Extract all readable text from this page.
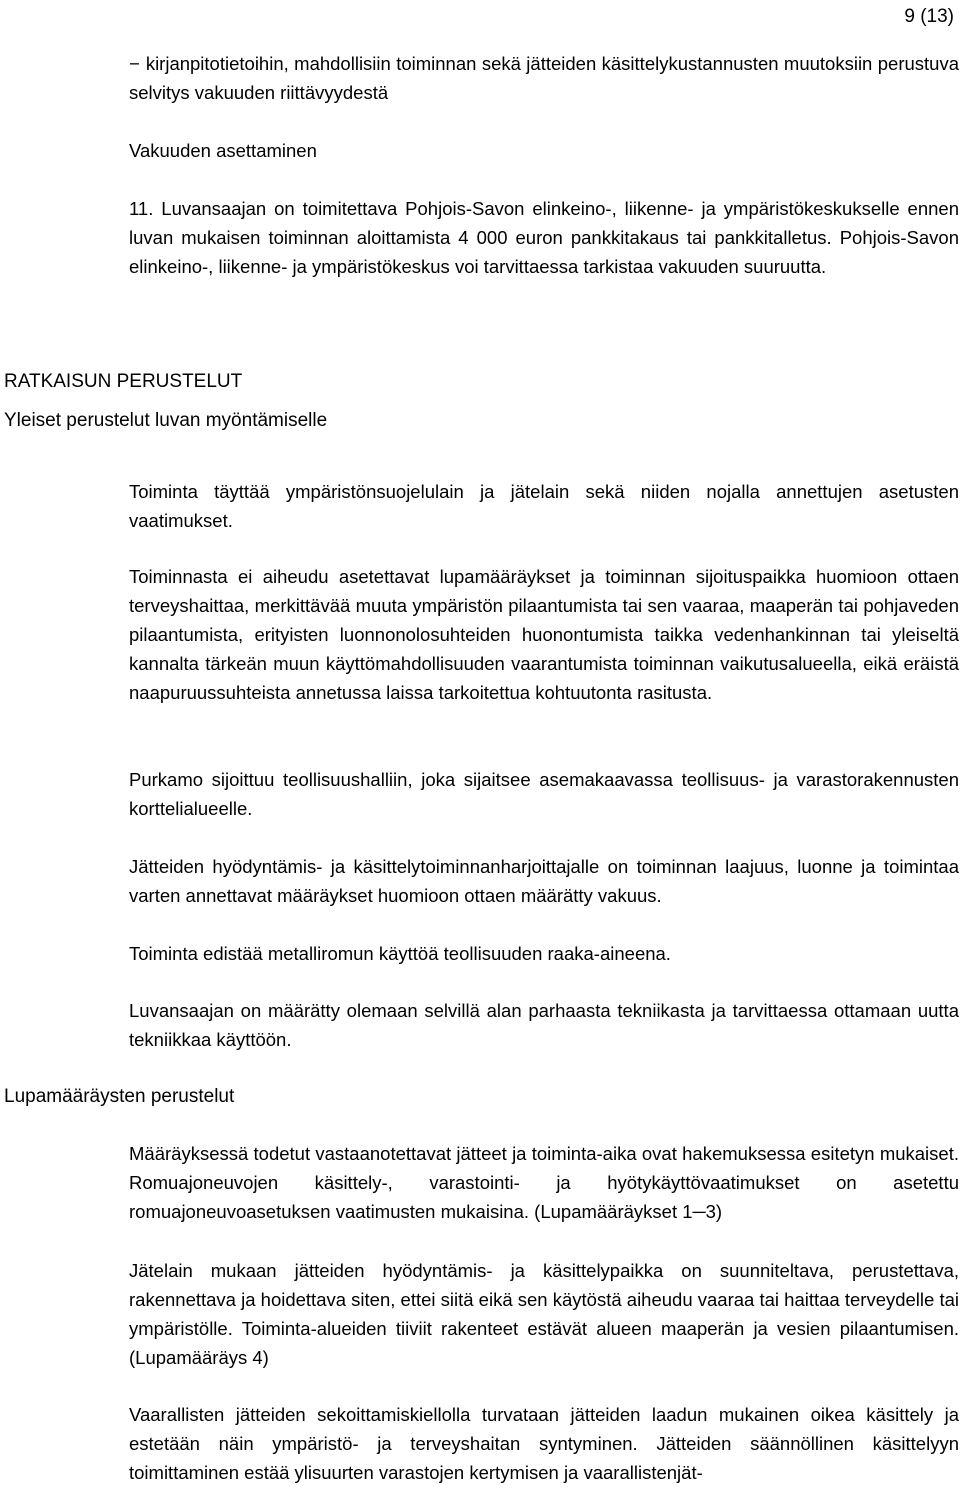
9 (13)

− kirjanpitotietoihin, mahdollisiin toiminnan sekä jätteiden käsittelykustannusten muutoksiin perustuva selvitys vakuuden riittävyydestä

Vakuuden asettaminen

11. Luvansaajan on toimitettava Pohjois-Savon elinkeino-, liikenne- ja ympäristökeskukselle ennen luvan mukaisen toiminnan aloittamista 4 000 euron pankkitakaus tai pankkitalletus. Pohjois-Savon elinkeino-, liikenne- ja ympäristökeskus voi tarvittaessa tarkistaa vakuuden suuruutta.

RATKAISUN PERUSTELUT

Yleiset perustelut luvan myöntämiselle

Toiminta täyttää ympäristönsuojelulain ja jätelain sekä niiden nojalla annettujen asetusten vaatimukset.

Toiminnasta ei aiheudu asetettavat lupamääräykset ja toiminnan sijoituspaikka huomioon ottaen terveyshaittaa, merkittävää muuta ympäristön pilaantumista tai sen vaaraa, maaperän tai pohjaveden pilaantumista, erityisten luonnonolosuhteiden huonontumista taikka vedenhankinnan tai yleiseltä kannalta tärkeän muun käyttömahdollisuuden vaarantumista toiminnan vaikutusalueella, eikä eräistä naapuruussuhteista annetussa laissa tarkoitettua kohtuutonta rasitusta.

Purkamo sijoittuu teollisuushalliin, joka sijaitsee asemakaavassa teollisuus- ja varastorakennusten korttelialueelle.

Jätteiden hyödyntämis- ja käsittelytoiminnanharjoittajalle on toiminnan laajuus, luonne ja toimintaa varten annettavat määräykset huomioon ottaen määrätty vakuus.

Toiminta edistää metalliromun käyttöä teollisuuden raaka-aineena.

Luvansaajan on määrätty olemaan selvillä alan parhaasta tekniikasta ja tarvittaessa ottamaan uutta tekniikkaa käyttöön.

Lupamääräysten perustelut

Määräyksessä todetut vastaanotettavat jätteet ja toiminta-aika ovat hakemuksessa esitetyn mukaiset. Romuajoneuvojen käsittely-, varastointi- ja hyötykäyttövaatimukset on asetettu romuajoneuvoasetuksen vaatimusten mukaisina. (Lupamääräykset 1─3)

Jätelain mukaan jätteiden hyödyntämis- ja käsittelypaikka on suunniteltava, perustettava, rakennettava ja hoidettava siten, ettei siitä eikä sen käytöstä aiheudu vaaraa tai haittaa terveydelle tai ympäristölle. Toiminta-alueiden tiiviit rakenteet estävät alueen maaperän ja vesien pilaantumisen. (Lupamääräys 4)

Vaarallisten jätteiden sekoittamiskiellolla turvataan jätteiden laadun mukainen oikea käsittely ja estetään näin ympäristö- ja terveyshaitan syntyminen. Jätteiden säännöllinen käsittelyyn toimittaminen estää ylisuurten varastojen kertymisen ja vaarallistenjät-
